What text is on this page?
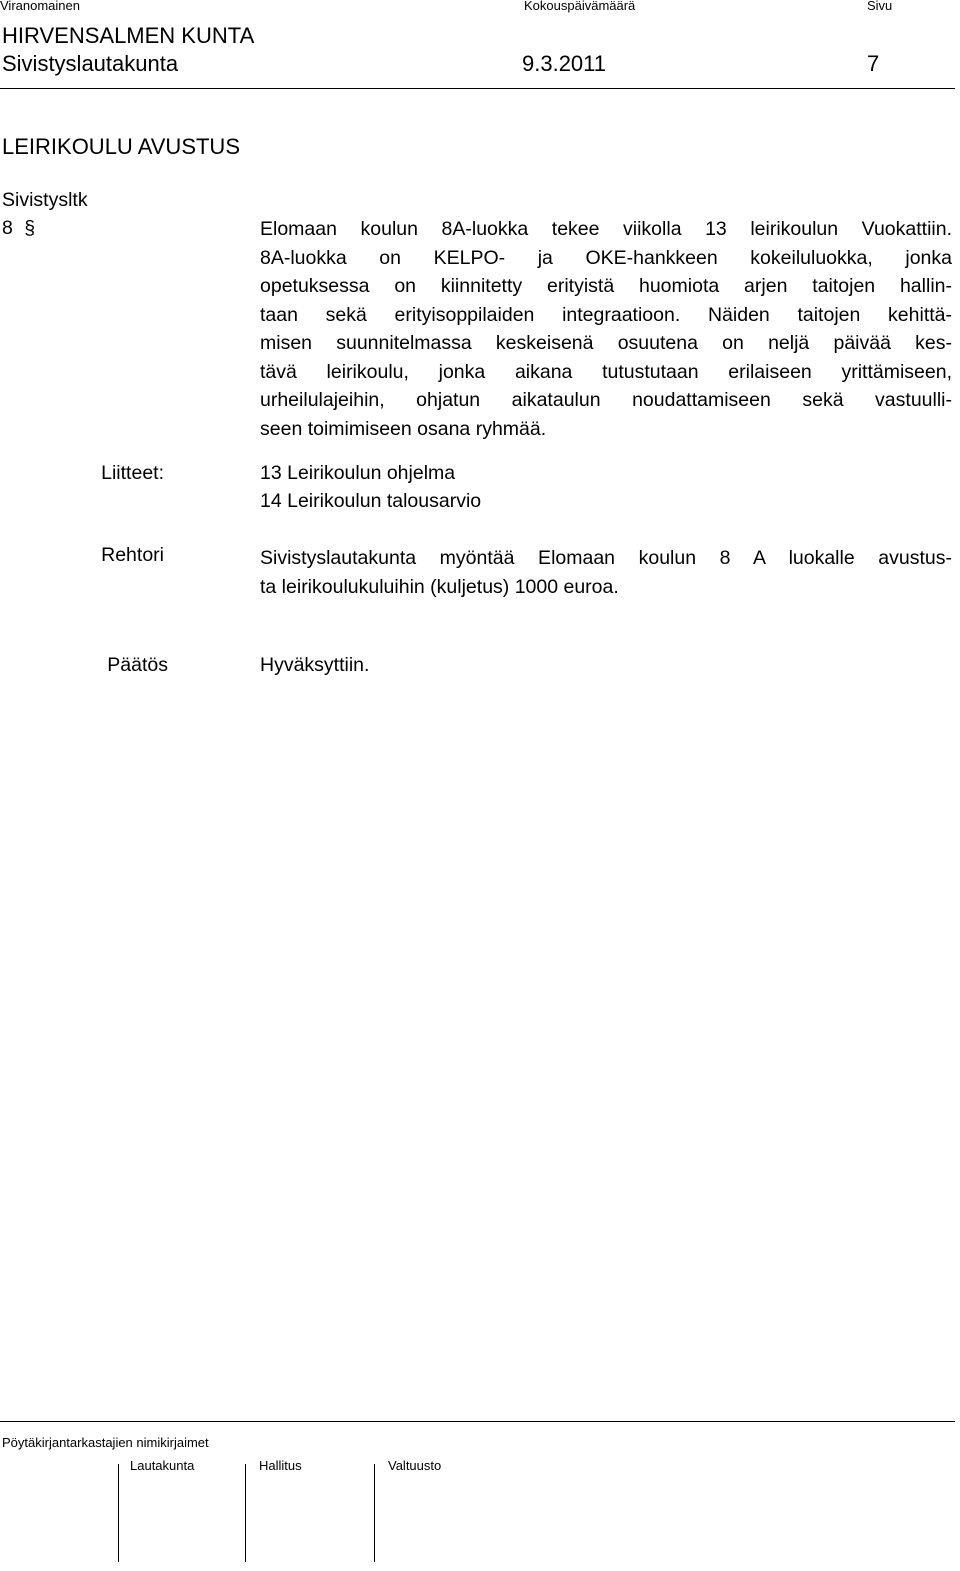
Viranomainen	Kokouspäivämäärä	Sivu
HIRVENSALMEN KUNTA
Sivistyslautakunta	9.3.2011	7
LEIRIKOULU AVUSTUS
Sivistysltk
8 §	Elomaan koulun 8A-luokka tekee viikolla 13 leirikoulun Vuokattiin.
8A-luokka on KELPO- ja OKE-hankkeen kokeiluluokka, jonka
opetuksessa on kiinnitetty erityistä huomiota arjen taitojen hallin-
taan sekä erityisoppilaiden integraatioon. Näiden taitojen kehittä-
misen suunnitelmassa keskeisenä osuutena on neljä päivää kes-
tävä leirikoulu, jonka aikana tutustutaan erilaiseen yrittämiseen,
urheilulajeihin, ohjatun aikataulun noudattamiseen sekä vastuulli-
seen toimimiseen osana ryhmää.
Liitteet:	13 Leirikoulun ohjelma
14 Leirikoulun talousarvio
Rehtori	Sivistyslautakunta myöntää Elomaan koulun 8 A luokalle avustus-
ta leirikoulukuluihin (kuljetus) 1000 euroa.
Päätös	Hyväksyttiin.
Pöytäkirjantarkastajien nimikirjaimet
Lautakunta	Hallitus	Valtuusto
